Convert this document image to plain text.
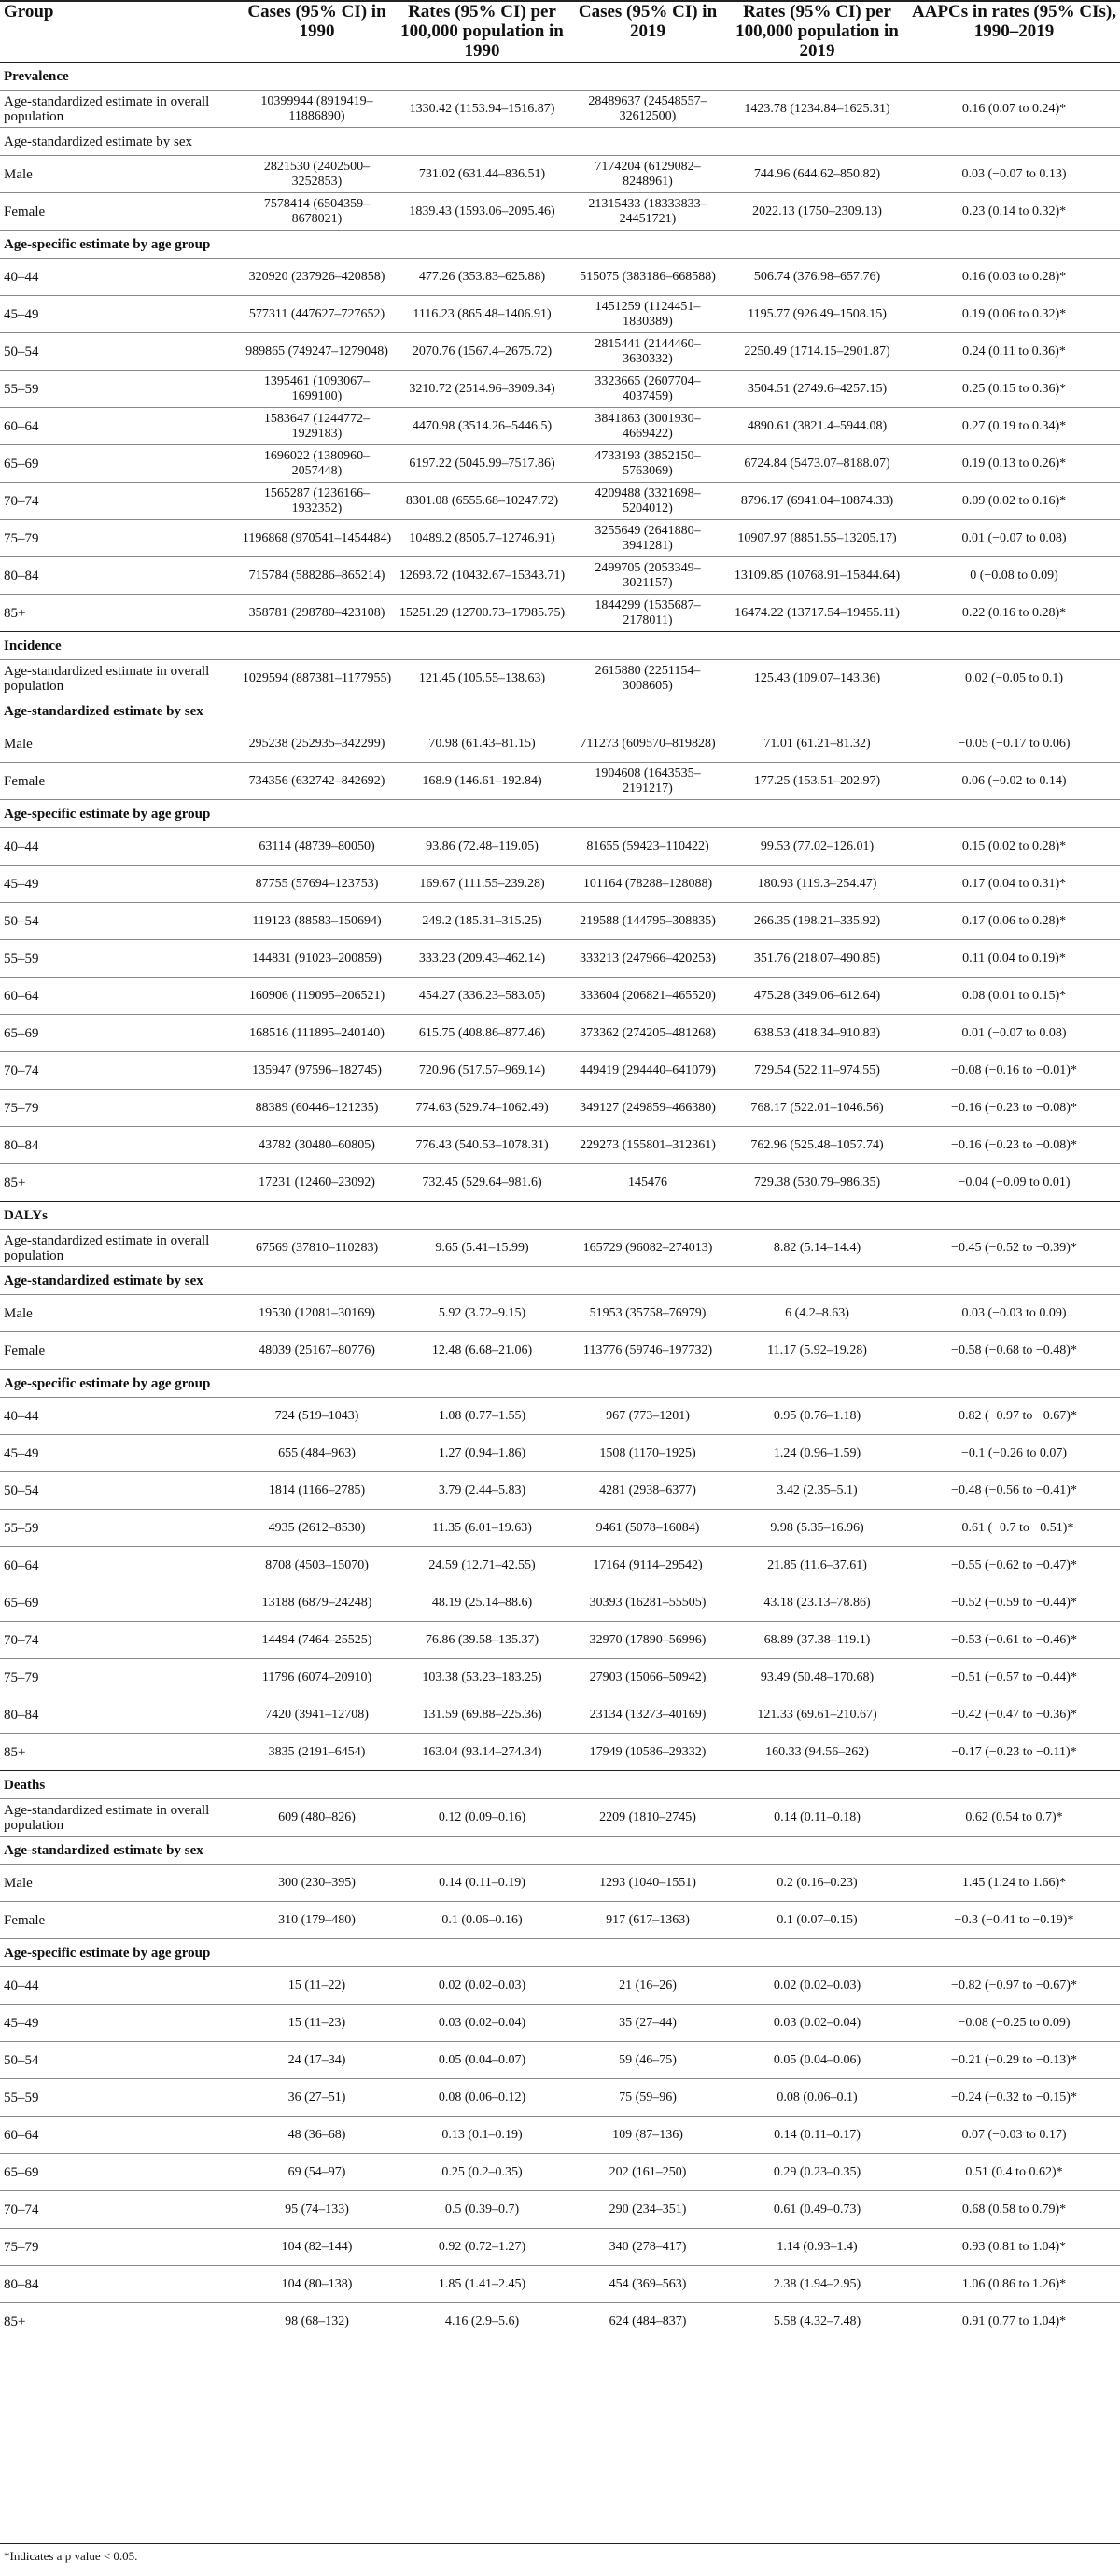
Group	Cases (95% CI) in 1990	Rates (95% CI) per 100,000 population in 1990	Cases (95% CI) in 2019	Rates (95% CI) per 100,000 population in 2019	AAPCs in rates (95% CIs), 1990–2019
Prevalence					
Age-standardized estimate in overall population	10399944 (8919419–11886890)	1330.42 (1153.94–1516.87)	28489637 (24548557–32612500)	1423.78 (1234.84–1625.31)	0.16 (0.07 to 0.24)*
Age-standardized estimate by sex					
Male	2821530 (2402500–3252853)	731.02 (631.44–836.51)	7174204 (6129082–8248961)	744.96 (644.62–850.82)	0.03 (−0.07 to 0.13)
Female	7578414 (6504359–8678021)	1839.43 (1593.06–2095.46)	21315433 (18333833–24451721)	2022.13 (1750–2309.13)	0.23 (0.14 to 0.32)*
Age-specific estimate by age group					
40–44	320920 (237926–420858)	477.26 (353.83–625.88)	515075 (383186–668588)	506.74 (376.98–657.76)	0.16 (0.03 to 0.28)*
45–49	577311 (447627–727652)	1116.23 (865.48–1406.91)	1451259 (1124451–1830389)	1195.77 (926.49–1508.15)	0.19 (0.06 to 0.32)*
50–54	989865 (749247–1279048)	2070.76 (1567.4–2675.72)	2815441 (2144460–3630332)	2250.49 (1714.15–2901.87)	0.24 (0.11 to 0.36)*
55–59	1395461 (1093067–1699100)	3210.72 (2514.96–3909.34)	3323665 (2607704–4037459)	3504.51 (2749.6–4257.15)	0.25 (0.15 to 0.36)*
60–64	1583647 (1244772–1929183)	4470.98 (3514.26–5446.5)	3841863 (3001930–4669422)	4890.61 (3821.4–5944.08)	0.27 (0.19 to 0.34)*
65–69	1696022 (1380960–2057448)	6197.22 (5045.99–7517.86)	4733193 (3852150–5763069)	6724.84 (5473.07–8188.07)	0.19 (0.13 to 0.26)*
70–74	1565287 (1236166–1932352)	8301.08 (6555.68–10247.72)	4209488 (3321698–5204012)	8796.17 (6941.04–10874.33)	0.09 (0.02 to 0.16)*
75–79	1196868 (970541–1454484)	10489.2 (8505.7–12746.91)	3255649 (2641880–3941281)	10907.97 (8851.55–13205.17)	0.01 (−0.07 to 0.08)
80–84	715784 (588286–865214)	12693.72 (10432.67–15343.71)	2499705 (2053349–3021157)	13109.85 (10768.91–15844.64)	0 (−0.08 to 0.09)
85+	358781 (298780–423108)	15251.29 (12700.73–17985.75)	1844299 (1535687–2178011)	16474.22 (13717.54–19455.11)	0.22 (0.16 to 0.28)*
Incidence					
Age-standardized estimate in overall population	1029594 (887381–1177955)	121.45 (105.55–138.63)	2615880 (2251154–3008605)	125.43 (109.07–143.36)	0.02 (−0.05 to 0.1)
Age-standardized estimate by sex					
Male	295238 (252935–342299)	70.98 (61.43–81.15)	711273 (609570–819828)	71.01 (61.21–81.32)	−0.05 (−0.17 to 0.06)
Female	734356 (632742–842692)	168.9 (146.61–192.84)	1904608 (1643535–2191217)	177.25 (153.51–202.97)	0.06 (−0.02 to 0.14)
Age-specific estimate by age group					
40–44	63114 (48739–80050)	93.86 (72.48–119.05)	81655 (59423–110422)	99.53 (77.02–126.01)	0.15 (0.02 to 0.28)*
45–49	87755 (57694–123753)	169.67 (111.55–239.28)	101164 (78288–128088)	180.93 (119.3–254.47)	0.17 (0.04 to 0.31)*
50–54	119123 (88583–150694)	249.2 (185.31–315.25)	219588 (144795–308835)	266.35 (198.21–335.92)	0.17 (0.06 to 0.28)*
55–59	144831 (91023–200859)	333.23 (209.43–462.14)	333213 (247966–420253)	351.76 (218.07–490.85)	0.11 (0.04 to 0.19)*
60–64	160906 (119095–206521)	454.27 (336.23–583.05)	333604 (206821–465520)	475.28 (349.06–612.64)	0.08 (0.01 to 0.15)*
65–69	168516 (111895–240140)	615.75 (408.86–877.46)	373362 (274205–481268)	638.53 (418.34–910.83)	0.01 (−0.07 to 0.08)
70–74	135947 (97596–182745)	720.96 (517.57–969.14)	449419 (294440–641079)	729.54 (522.11–974.55)	−0.08 (−0.16 to −0.01)*
75–79	88389 (60446–121235)	774.63 (529.74–1062.49)	349127 (249859–466380)	768.17 (522.01–1046.56)	−0.16 (−0.23 to −0.08)*
80–84	43782 (30480–60805)	776.43 (540.53–1078.31)	229273 (155801–312361)	762.96 (525.48–1057.74)	−0.16 (−0.23 to −0.08)*
85+	17231 (12460–23092)	732.45 (529.64–981.6)	145476	729.38 (530.79–986.35)	−0.04 (−0.09 to 0.01)
DALYs					
Age-standardized estimate in overall population	67569 (37810–110283)	9.65 (5.41–15.99)	165729 (96082–274013)	8.82 (5.14–14.4)	−0.45 (−0.52 to −0.39)*
Age-standardized estimate by sex					
Male	19530 (12081–30169)	5.92 (3.72–9.15)	51953 (35758–76979)	6 (4.2–8.63)	0.03 (−0.03 to 0.09)
Female	48039 (25167–80776)	12.48 (6.68–21.06)	113776 (59746–197732)	11.17 (5.92–19.28)	−0.58 (−0.68 to −0.48)*
Age-specific estimate by age group					
40–44	724 (519–1043)	1.08 (0.77–1.55)	967 (773–1201)	0.95 (0.76–1.18)	−0.82 (−0.97 to −0.67)*
45–49	655 (484–963)	1.27 (0.94–1.86)	1508 (1170–1925)	1.24 (0.96–1.59)	−0.1 (−0.26 to 0.07)
50–54	1814 (1166–2785)	3.79 (2.44–5.83)	4281 (2938–6377)	3.42 (2.35–5.1)	−0.48 (−0.56 to −0.41)*
55–59	4935 (2612–8530)	11.35 (6.01–19.63)	9461 (5078–16084)	9.98 (5.35–16.96)	−0.61 (−0.7 to −0.51)*
60–64	8708 (4503–15070)	24.59 (12.71–42.55)	17164 (9114–29542)	21.85 (11.6–37.61)	−0.55 (−0.62 to −0.47)*
65–69	13188 (6879–24248)	48.19 (25.14–88.6)	30393 (16281–55505)	43.18 (23.13–78.86)	−0.52 (−0.59 to −0.44)*
70–74	14494 (7464–25525)	76.86 (39.58–135.37)	32970 (17890–56996)	68.89 (37.38–119.1)	−0.53 (−0.61 to −0.46)*
75–79	11796 (6074–20910)	103.38 (53.23–183.25)	27903 (15066–50942)	93.49 (50.48–170.68)	−0.51 (−0.57 to −0.44)*
80–84	7420 (3941–12708)	131.59 (69.88–225.36)	23134 (13273–40169)	121.33 (69.61–210.67)	−0.42 (−0.47 to −0.36)*
85+	3835 (2191–6454)	163.04 (93.14–274.34)	17949 (10586–29332)	160.33 (94.56–262)	−0.17 (−0.23 to −0.11)*
Deaths					
Age-standardized estimate in overall population	609 (480–826)	0.12 (0.09–0.16)	2209 (1810–2745)	0.14 (0.11–0.18)	0.62 (0.54 to 0.7)*
Age-standardized estimate by sex					
Male	300 (230–395)	0.14 (0.11–0.19)	1293 (1040–1551)	0.2 (0.16–0.23)	1.45 (1.24 to 1.66)*
Female	310 (179–480)	0.1 (0.06–0.16)	917 (617–1363)	0.1 (0.07–0.15)	−0.3 (−0.41 to −0.19)*
Age-specific estimate by age group					
40–44	15 (11–22)	0.02 (0.02–0.03)	21 (16–26)	0.02 (0.02–0.03)	−0.82 (−0.97 to −0.67)*
45–49	15 (11–23)	0.03 (0.02–0.04)	35 (27–44)	0.03 (0.02–0.04)	−0.08 (−0.25 to 0.09)
50–54	24 (17–34)	0.05 (0.04–0.07)	59 (46–75)	0.05 (0.04–0.06)	−0.21 (−0.29 to −0.13)*
55–59	36 (27–51)	0.08 (0.06–0.12)	75 (59–96)	0.08 (0.06–0.1)	−0.24 (−0.32 to −0.15)*
60–64	48 (36–68)	0.13 (0.1–0.19)	109 (87–136)	0.14 (0.11–0.17)	0.07 (−0.03 to 0.17)
65–69	69 (54–97)	0.25 (0.2–0.35)	202 (161–250)	0.29 (0.23–0.35)	0.51 (0.4 to 0.62)*
70–74	95 (74–133)	0.5 (0.39–0.7)	290 (234–351)	0.61 (0.49–0.73)	0.68 (0.58 to 0.79)*
75–79	104 (82–144)	0.92 (0.72–1.27)	340 (278–417)	1.14 (0.93–1.4)	0.93 (0.81 to 1.04)*
80–84	104 (80–138)	1.85 (1.41–2.45)	454 (369–563)	2.38 (1.94–2.95)	1.06 (0.86 to 1.26)*
85+	98 (68–132)	4.16 (2.9–5.6)	624 (484–837)	5.58 (4.32–7.48)	0.91 (0.77 to 1.04)*
*Indicates a p value < 0.05.
